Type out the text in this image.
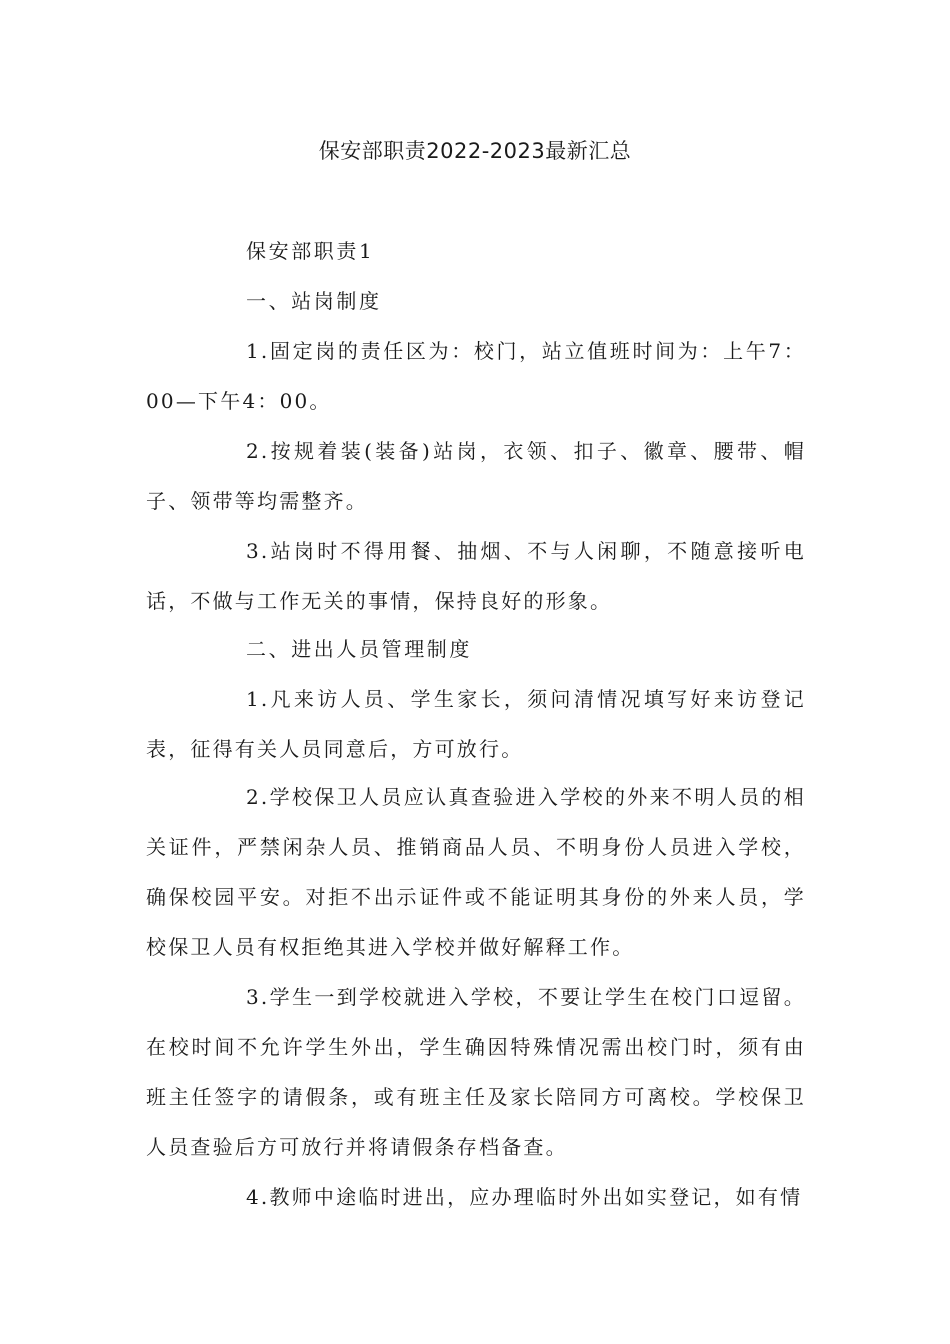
保安部职责2022-2023最新汇总

保安部职责1

一、站岗制度

1.固定岗的责任区为：校门，站立值班时间为：上午7：00—下午4：00。

2.按规着装(装备)站岗，衣领、扣子、徽章、腰带、帽子、领带等均需整齐。

3.站岗时不得用餐、抽烟、不与人闲聊，不随意接听电话，不做与工作无关的事情，保持良好的形象。

二、进出人员管理制度

1.凡来访人员、学生家长，须问清情况填写好来访登记表，征得有关人员同意后，方可放行。

2.学校保卫人员应认真查验进入学校的外来不明人员的相关证件，严禁闲杂人员、推销商品人员、不明身份人员进入学校，确保校园平安。对拒不出示证件或不能证明其身份的外来人员，学校保卫人员有权拒绝其进入学校并做好解释工作。

3.学生一到学校就进入学校，不要让学生在校门口逗留。在校时间不允许学生外出，学生确因特殊情况需出校门时，须有由班主任签字的请假条，或有班主任及家长陪同方可离校。学校保卫人员查验后方可放行并将请假条存档备查。

4.教师中途临时进出，应办理临时外出如实登记，如有情
